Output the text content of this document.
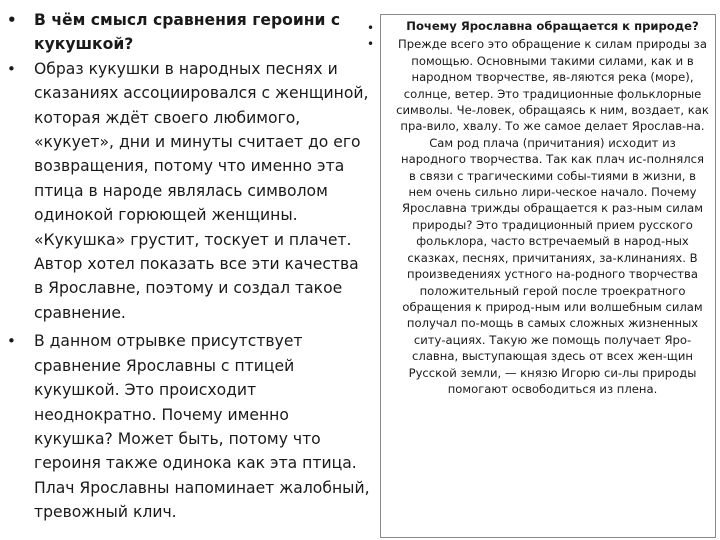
• В чём смысл сравнения героини с кукушкой?
• Образ кукушки в народных песнях и сказаниях ассоциировался с женщиной, которая ждёт своего любимого, «кукует», дни и минуты считает до его возвращения, потому что именно эта птица в народе являлась символом одинокой горюющей женщины. «Кукушка» грустит, тоскует и плачет. Автор хотел показать все эти качества в Ярославне, поэтому и создал такое сравнение.
• В данном отрывке присутствует сравнение Ярославны с птицей кукушкой. Это происходит неоднократно. Почему именно кукушка? Может быть, потому что героиня также одинока как эта птица. Плач Ярославны напоминает жалобный, тревожный клич.
•
•
Почему Ярославна обращается к природе?
Прежде всего это обращение к силам природы за помощью. Основными такими силами, как и в народном творчестве, яв-ляются река (море), солнце, ветер. Это традиционные фольклорные символы. Че-ловек, обращаясь к ним, воздает, как пра-вило, хвалу. То же самое делает Ярослав-на. Сам род плача (причитания) исходит из народного творчества. Так как плач ис-полнялся в связи с трагическими собы-тиями в жизни, в нем очень сильно лири-ческое начало. Почему Ярославна трижды обращается к раз-ным силам природы? Это традиционный прием русского фольклора, часто встречаемый в народ-ных сказках, песнях, причитаниях, за-клинаниях. В произведениях устного на-родного творчества положительный герой после троекратного обращения к природ-ным или волшебным силам получал по-мощь в самых сложных жизненных ситу-ациях. Такую же помощь получает Яро-славна, выступающая здесь от всех жен-щин Русской земли, — князю Игорю си-лы природы помогают освободиться из плена.
